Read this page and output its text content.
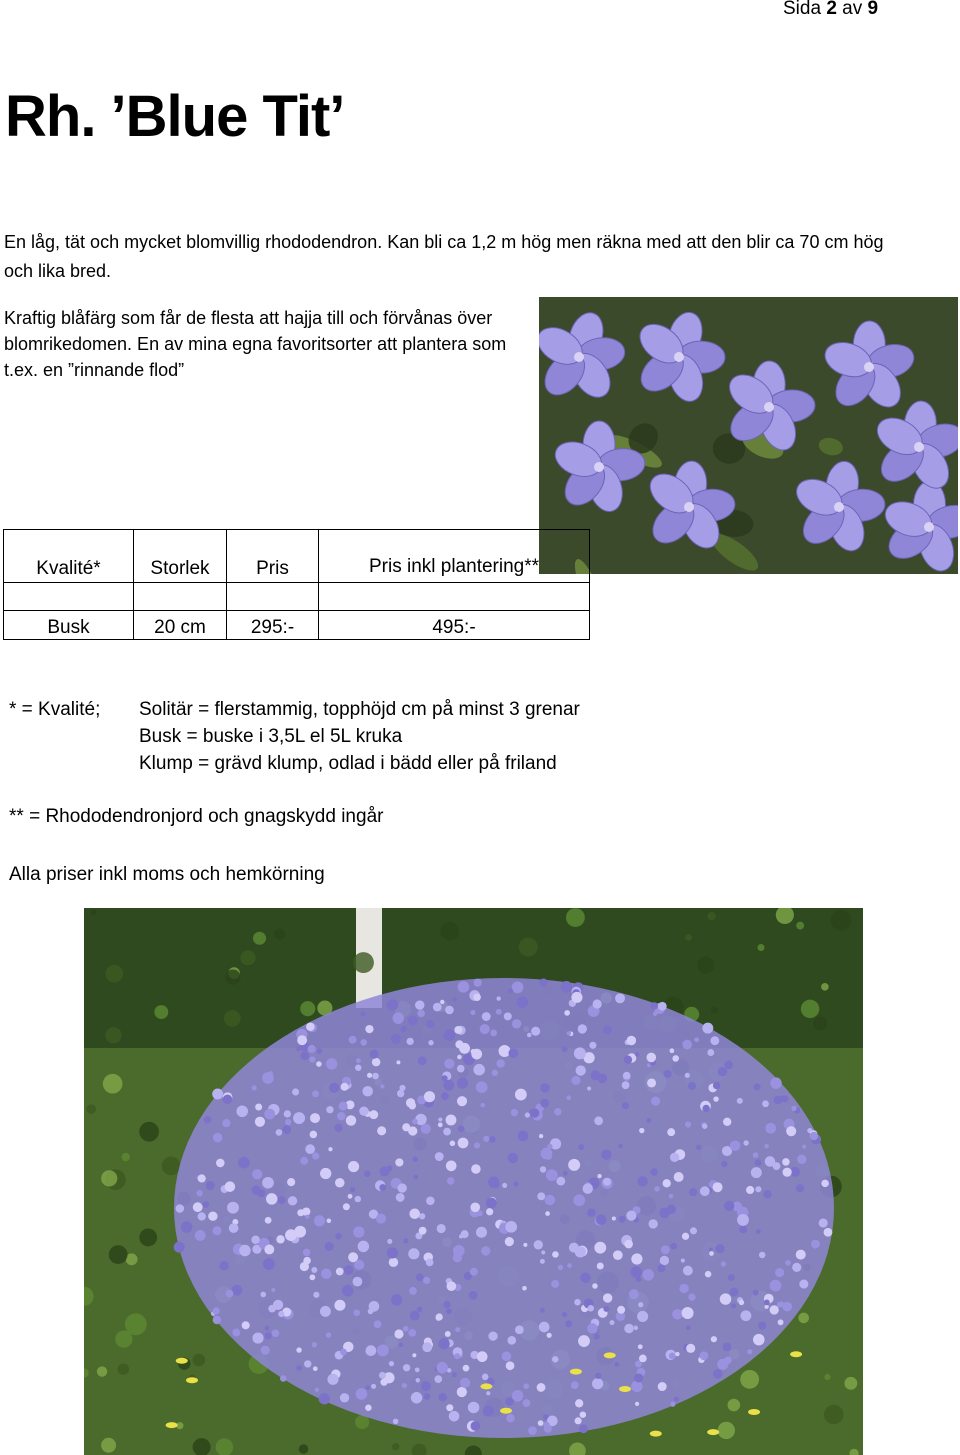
Sida 2 av 9
Rh. ’Blue Tit’
En låg, tät och mycket blomvillig rhododendron. Kan bli ca 1,2 m hög men räkna med att den blir ca 70 cm hög och lika bred.
Kraftig blåfärg som får de flesta att hajja till och förvånas över blomrikedomen. En av mina egna favoritsorter att plantera som t.ex. en ”rinnande flod”
Kvalité*	Storlek	Pris	Pris inkl plantering**

Busk	20 cm	295:-	495:-
* = Kvalité;	Solitär = flerstammig, topphöjd cm på minst 3 grenar
Busk = buske i 3,5L el 5L kruka
Klump = grävd klump, odlad i bädd eller på friland
** = Rhododendronjord och gnagskydd ingår
Alla priser inkl moms och hemkörning
